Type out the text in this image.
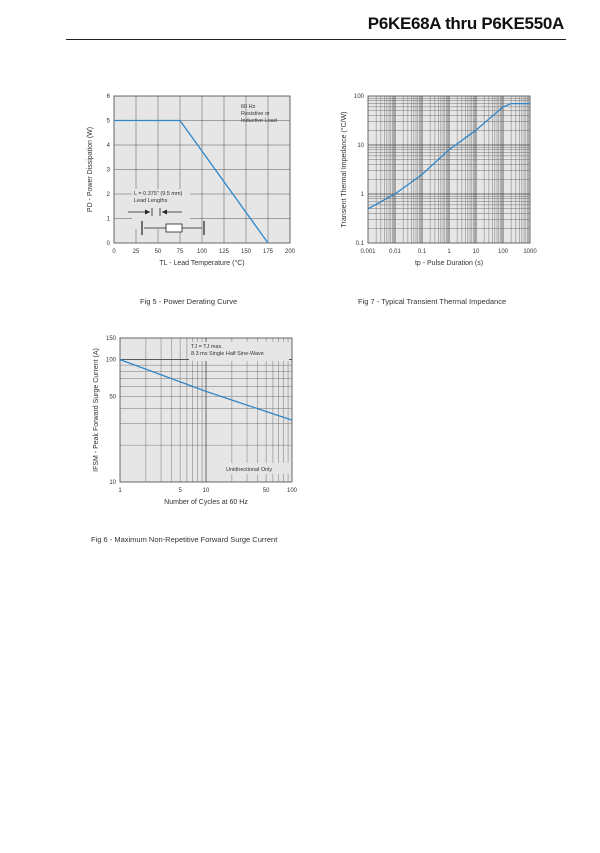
P6KE68A thru P6KE550A
0	25	50	75 100 125 150 175 200
0
1
2
3
4
5
6
TL - Lead Temperature (°C)
PD - Power Dissipation (W)
60 Hz
Resistive or
Inductive Load
L = 0.375" (9.5 mm)
Lead Lengths
Fig 5 - Power Derating Curve
0.001 0.01	0.1	1	10	100	1000
0.1
1
10
100
tp - Pulse Duration (s)
Transient Thermal Impedance (°C/W)
Fig 7 - Typical Transient Thermal Impedance
1	5	10	50	100
10
50
100
150
Number of Cycles at 60 Hz
IFSM - Peak Forward Surge Current (A)
TJ = TJ max.
8.3 ms Single Half Sine-Wave
Unidirectional Only
Fig 6 - Maximum Non-Repetitive Forward Surge Current
